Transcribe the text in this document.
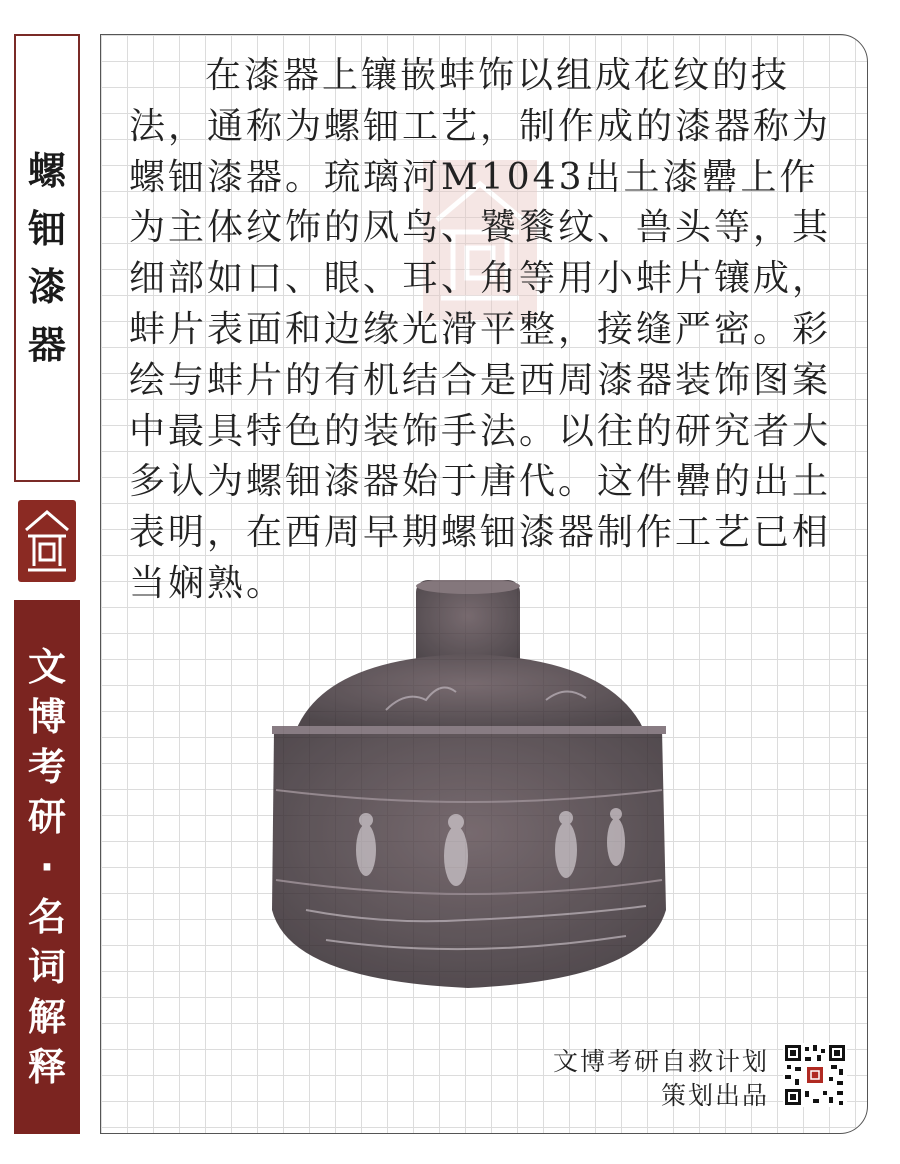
螺
钿
漆
器
文
博
考
研
·
名
词
解
释

在漆器上镶嵌蚌饰以组成花纹的技法，通称为螺钿工艺，制作成的漆器称为螺钿漆器。琉璃河M1043出土漆罍上作为主体纹饰的凤鸟、饕餮纹、兽头等，其细部如口、眼、耳、角等用小蚌片镶成，蚌片表面和边缘光滑平整，接缝严密。彩绘与蚌片的有机结合是西周漆器装饰图案中最具特色的装饰手法。以往的研究者大多认为螺钿漆器始于唐代。这件罍的出土表明，在西周早期螺钿漆器制作工艺已相当娴熟。

文博考研自救计划
策划出品
